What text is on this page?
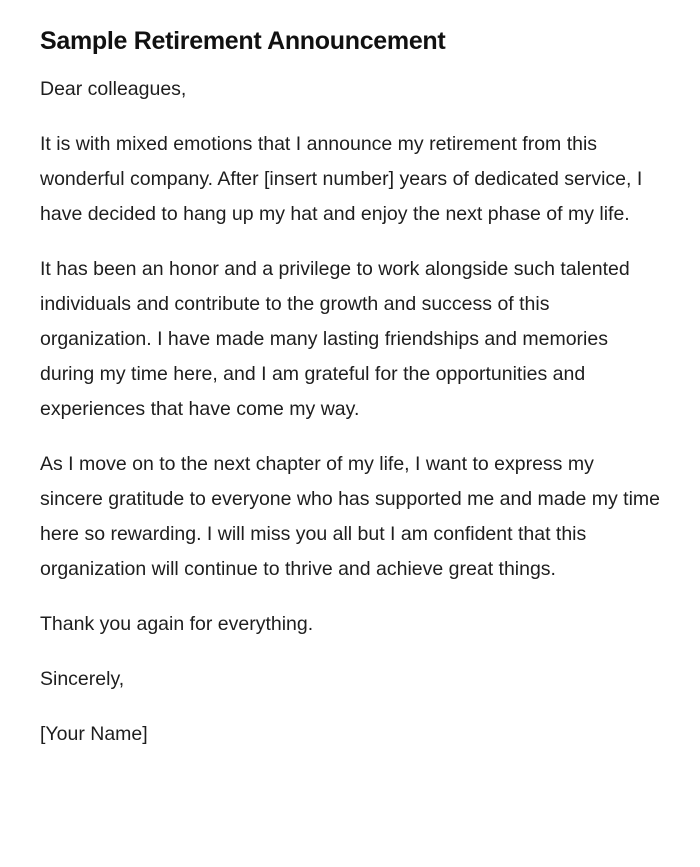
Sample Retirement Announcement

Dear colleagues,

It is with mixed emotions that I announce my retirement from this wonderful company. After [insert number] years of dedicated service, I have decided to hang up my hat and enjoy the next phase of my life.

It has been an honor and a privilege to work alongside such talented individuals and contribute to the growth and success of this organization. I have made many lasting friendships and memories during my time here, and I am grateful for the opportunities and experiences that have come my way.

As I move on to the next chapter of my life, I want to express my sincere gratitude to everyone who has supported me and made my time here so rewarding. I will miss you all but I am confident that this organization will continue to thrive and achieve great things.

Thank you again for everything.

Sincerely,

[Your Name]
